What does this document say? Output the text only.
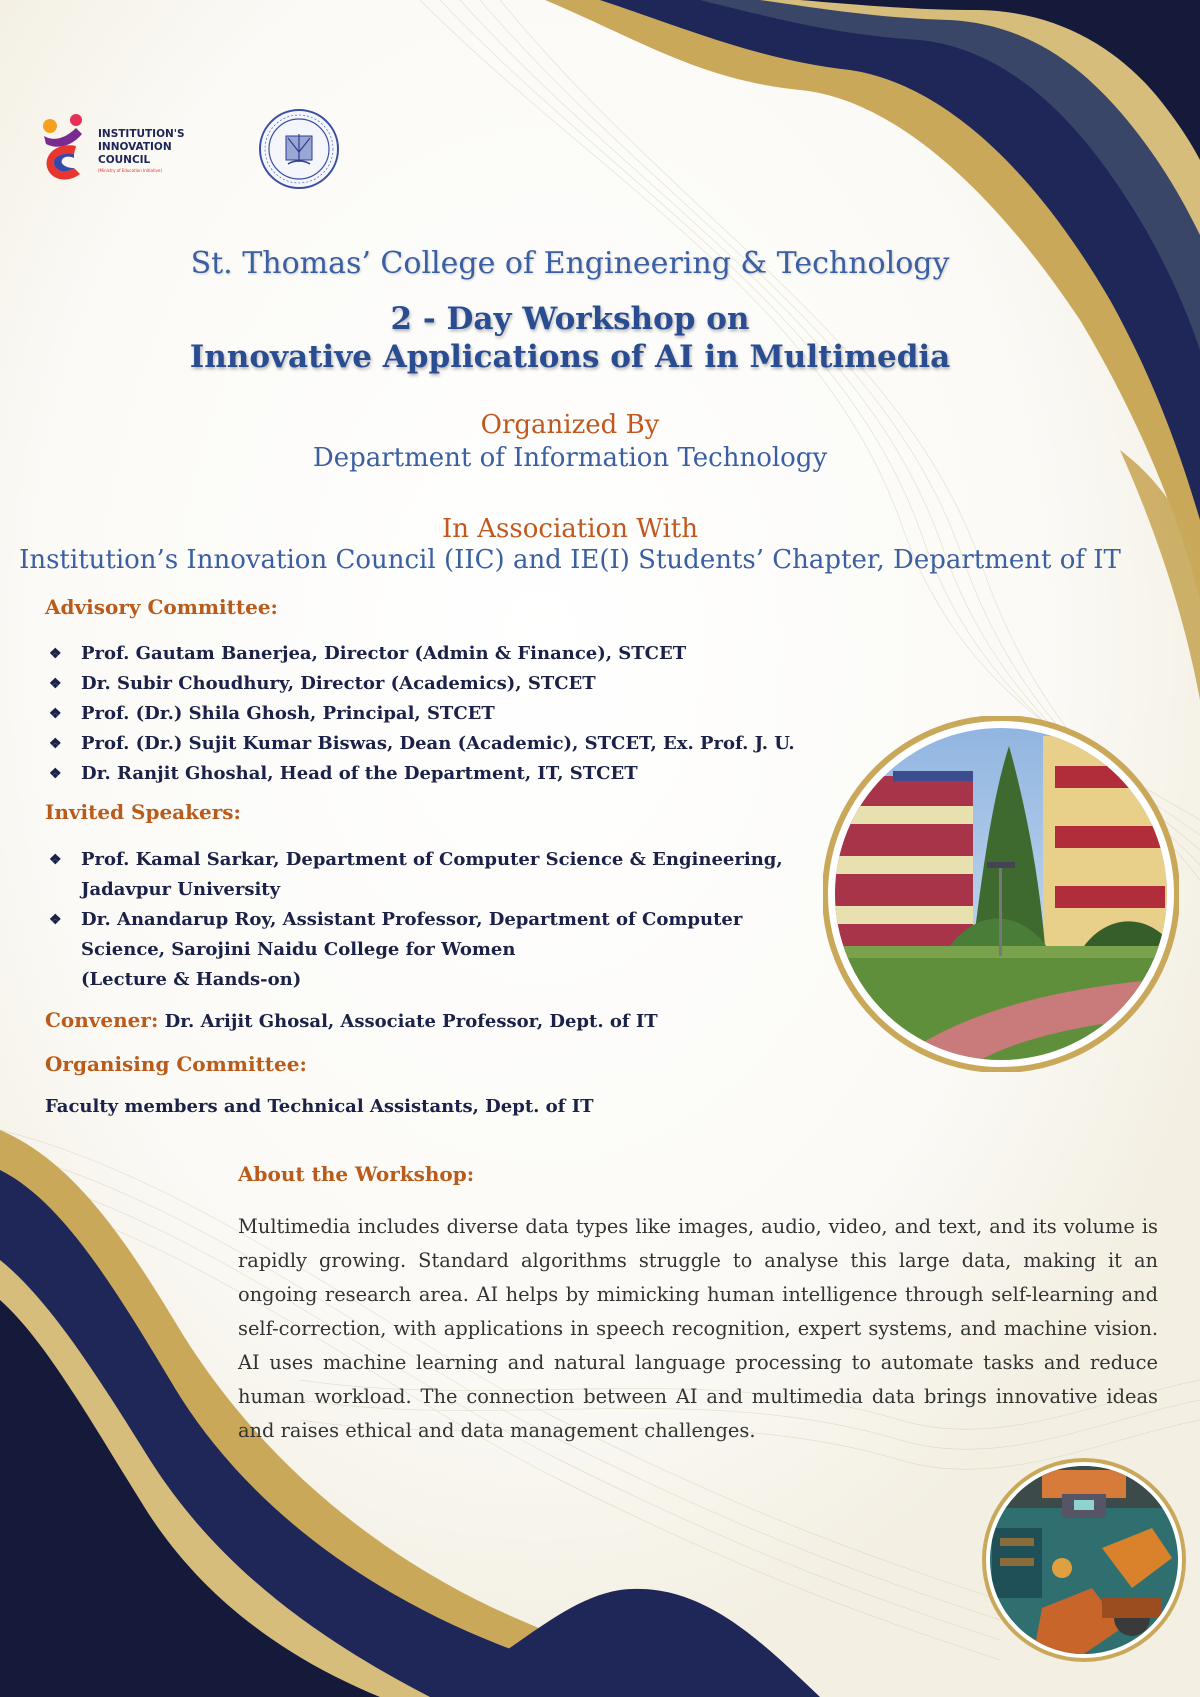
INSTITUTION'S
INNOVATION
COUNCIL
(Ministry of Education Initiative)
St. Thomas’ College of Engineering & Technology
2 - Day Workshop on
Innovative Applications of AI in Multimedia
Organized By
Department of Information Technology
In Association With
Institution’s Innovation Council (IIC) and IE(I) Students’ Chapter, Department of IT
Advisory Committee:
❖ Prof. Gautam Banerjea, Director (Admin & Finance), STCET
❖ Dr. Subir Choudhury, Director (Academics), STCET
❖ Prof. (Dr.) Shila Ghosh, Principal, STCET
❖ Prof. (Dr.) Sujit Kumar Biswas, Dean (Academic), STCET, Ex. Prof. J. U.
❖ Dr. Ranjit Ghoshal, Head of the Department, IT, STCET
Invited Speakers:
❖ Prof. Kamal Sarkar, Department of Computer Science & Engineering, Jadavpur University
❖ Dr. Anandarup Roy, Assistant Professor, Department of Computer Science, Sarojini Naidu College for Women
(Lecture & Hands-on)
Convener: Dr. Arijit Ghosal, Associate Professor, Dept. of IT
Organising Committee:
Faculty members and Technical Assistants, Dept. of IT
About the Workshop:
Multimedia includes diverse data types like images, audio, video, and text, and its volume is rapidly growing. Standard algorithms struggle to analyse this large data, making it an ongoing research area. AI helps by mimicking human intelligence through self-learning and self-correction, with applications in speech recognition, expert systems, and machine vision. AI uses machine learning and natural language processing to automate tasks and reduce human workload. The connection between AI and multimedia data brings innovative ideas and raises ethical and data management challenges.
